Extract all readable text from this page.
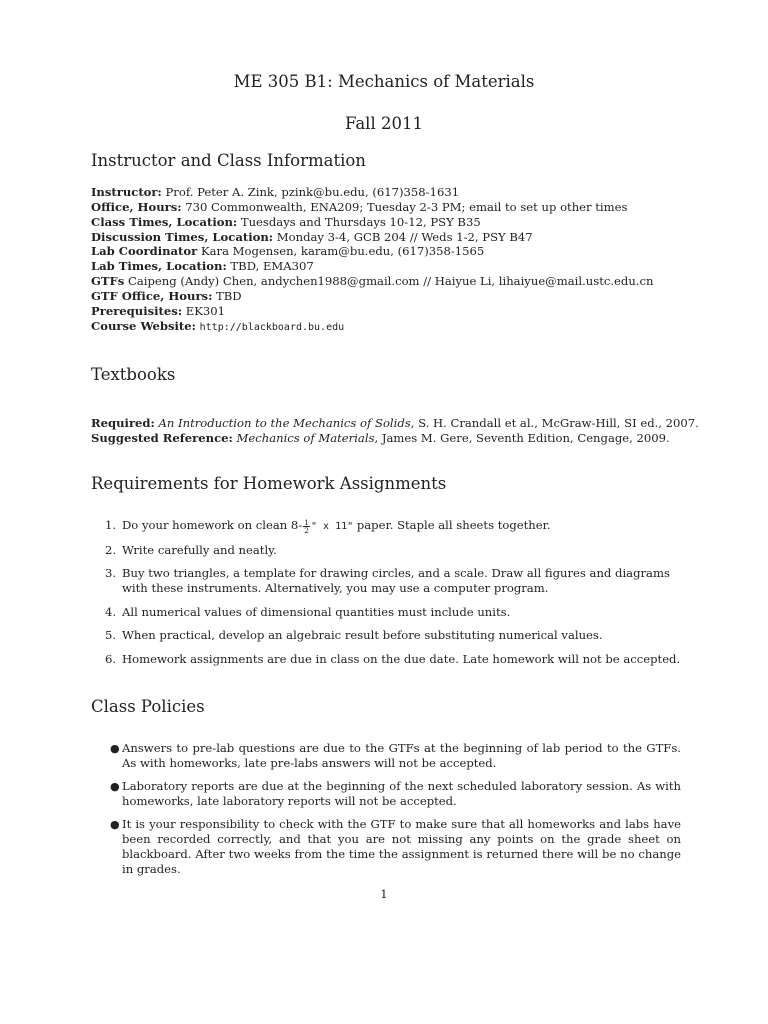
ME 305 B1: Mechanics of Materials
Fall 2011
Instructor and Class Information
Instructor: Prof. Peter A. Zink, pzink@bu.edu, (617)358-1631
Office, Hours: 730 Commonwealth, ENA209; Tuesday 2-3 PM; email to set up other times
Class Times, Location: Tuesdays and Thursdays 10-12, PSY B35
Discussion Times, Location: Monday 3-4, GCB 204 // Weds 1-2, PSY B47
Lab Coordinator Kara Mogensen, karam@bu.edu, (617)358-1565
Lab Times, Location: TBD, EMA307
GTFs Caipeng (Andy) Chen, andychen1988@gmail.com // Haiyue Li, lihaiyue@mail.ustc.edu.cn
GTF Office, Hours: TBD
Prerequisites: EK301
Course Website: http://blackboard.bu.edu
Textbooks
Required: An Introduction to the Mechanics of Solids, S. H. Crandall et al., McGraw-Hill, SI ed., 2007.
Suggested Reference: Mechanics of Materials, James M. Gere, Seventh Edition, Cengage, 2009.
Requirements for Homework Assignments
1. Do your homework on clean $8- \frac{1}{2}$ " x 11" paper. Staple all sheets together.
2. Write carefully and neatly.
3. Buy two triangles, a template for drawing circles, and a scale. Draw all figures and diagrams with these instruments. Alternatively, you may use a computer program.
4. All numerical values of dimensional quantities must include units.
5. When practical, develop an algebraic result before substituting numerical values.
6. Homework assignments are due in class on the due date. Late homework will not be accepted.
Class Policies
● Answers to pre-lab questions are due to the GTFs at the beginning of lab period to the GTFs. As with homeworks, late pre-labs answers will not be accepted.
● Laboratory reports are due at the beginning of the next scheduled laboratory session. As with homeworks, late laboratory reports will not be accepted.
● It is your responsibility to check with the GTF to make sure that all homeworks and labs have been recorded correctly, and that you are not missing any points on the grade sheet on blackboard. After two weeks from the time the assignment is returned there will be no change in grades.
1
